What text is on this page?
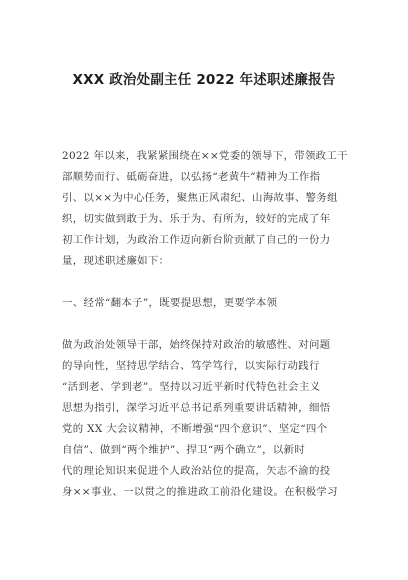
XXX 政治处副主任 2022 年述职述廉报告
2022 年以来，我紧紧围绕在××党委的领导下，带领政工干
部顺势而行、砥砺奋进，以弘扬“老黄牛”精神为工作指
引、以××为中心任务，聚焦正风肃纪、山海故事、警务组
织，切实做到敢于为、乐于为、有所为，较好的完成了年
初工作计划，为政治工作迈向新台阶贡献了自己的一份力
量，现述职述廉如下：
一、经常“翻本子”，既要提思想，更要学本领
做为政治处领导干部，始终保持对政治的敏感性、对问题
的导向性，坚持思学结合、笃学笃行，以实际行动践行
“活到老、学到老”。坚持以习近平新时代特色社会主义
思想为指引，深学习近平总书记系列重要讲话精神，细悟
党的 XX 大会议精神，不断增强“四个意识”、坚定“四个
自信”、做到“两个维护”、捍卫“两个确立”，以新时
代的理论知识来促进个人政治站位的提高，矢志不渝的投
身××事业、一以贯之的推进政工前沿化建设。在积极学习
